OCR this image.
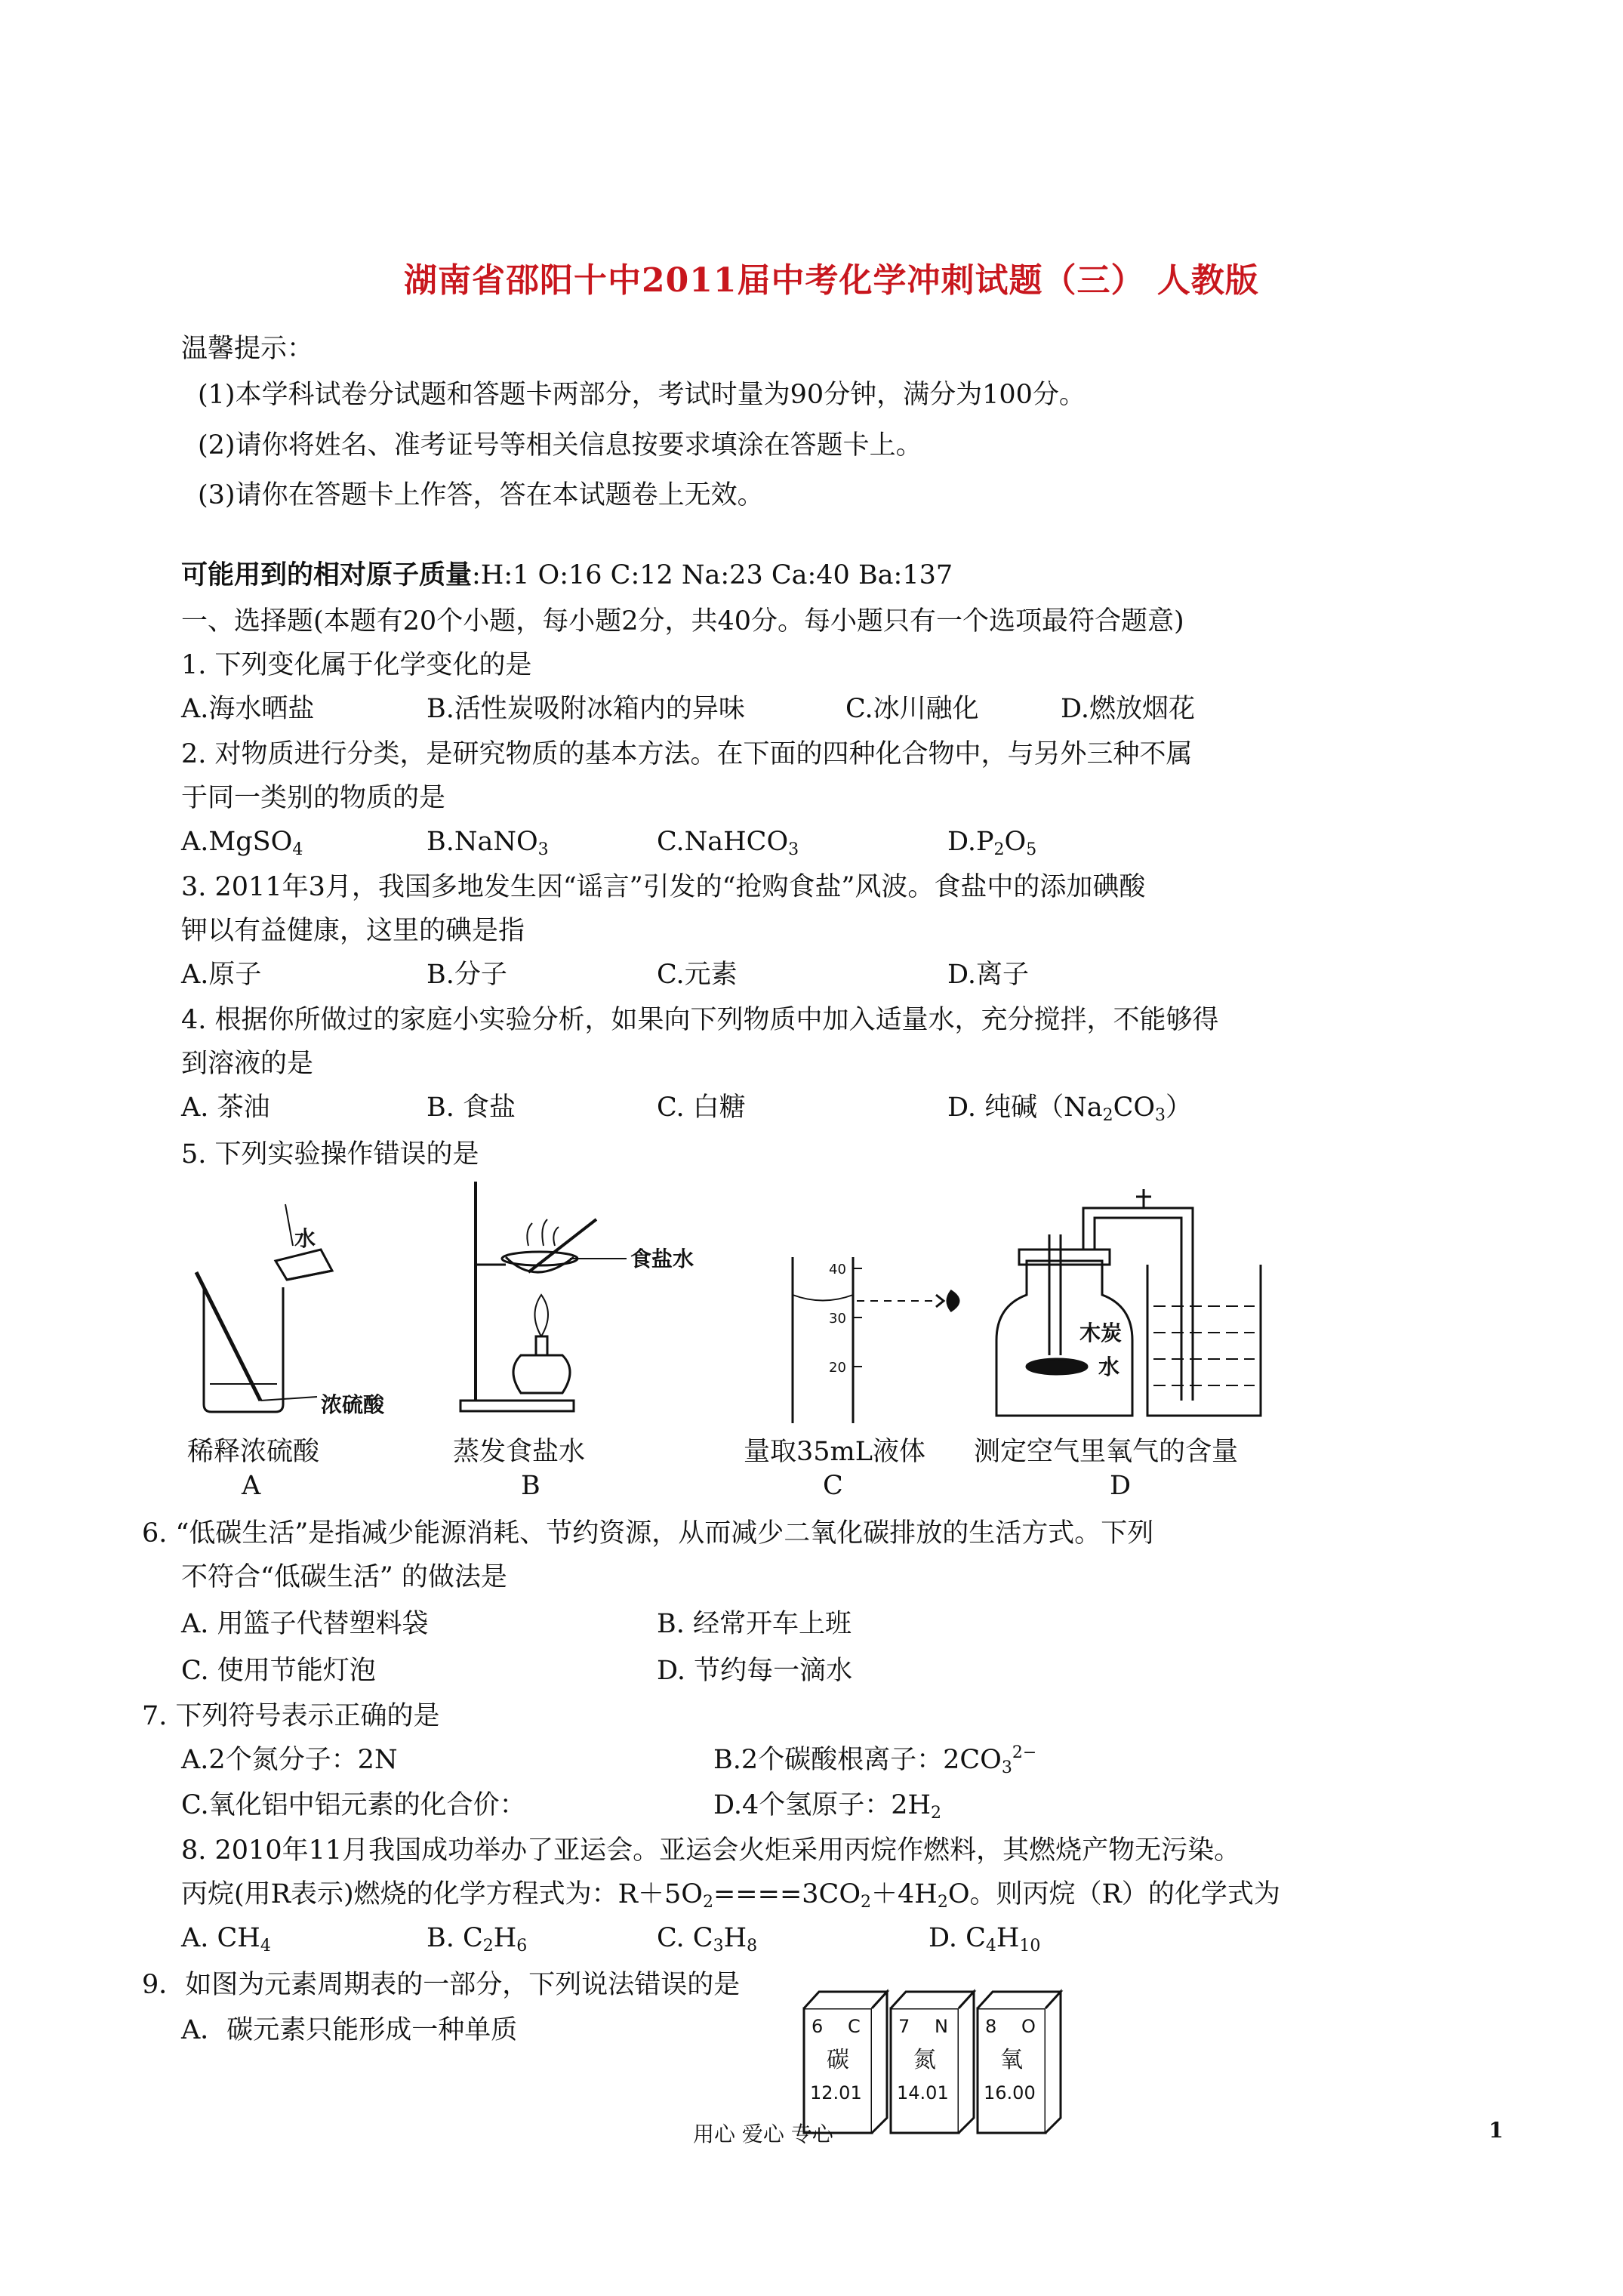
湖南省邵阳十中2011届中考化学冲刺试题（三） 人教版
温馨提示：
(1)本学科试卷分试题和答题卡两部分，考试时量为90分钟，满分为100分。
(2)请你将姓名、准考证号等相关信息按要求填涂在答题卡上。
(3)请你在答题卡上作答，答在本试题卷上无效。
可能用到的相对原子质量:H:1 O:16 C:12 Na:23 Ca:40 Ba:137
一、选择题(本题有20个小题，每小题2分，共40分。每小题只有一个选项最符合题意)
1. 下列变化属于化学变化的是
A.海水晒盐	B.活性炭吸附冰箱内的异味	C.冰川融化	D.燃放烟花
2. 对物质进行分类，是研究物质的基本方法。在下面的四种化合物中，与另外三种不属
于同一类别的物质的是
A.MgSO$_4$	B.NaNO$_3$	C.NaHCO$_3$	$D.P_2O_5$
3. 2011年3月，我国多地发生因“谣言”引发的“抢购食盐”风波。食盐中的添加碘酸
钾以有益健康，这里的碘是指
A.原子	B.分子	C.元素	D.离子
4. 根据你所做过的家庭小实验分析，如果向下列物质中加入适量水，充分搅拌，不能够得
到溶液的是
A. 茶油	B. 食盐	C. 白糖	D. 纯碱$(Na_2CO_3)$
5. 下列实验操作错误的是
水
浓硫酸
食盐水
木炭
水
40
30
20
稀释浓硫酸	蒸发食盐水	量取35mL液体 测定空气里氧气的含量
A	B	C	D
6. “低碳生活”是指减少能源消耗、节约资源，从而减少二氧化碳排放的生活方式。下列
不符合“低碳生活” 的做法是
A. 用篮子代替塑料袋	B. 经常开车上班
C. 使用节能灯泡	D. 节约每一滴水
7. 下列符号表示正确的是
A.2个氮分子：2N	B.2个碳酸根离子：$2CO_3^{2-}$
C.氧化铝中铝元素的化合价：	D.4个氢原子：$2H_2$
8. 2010年11月我国成功举办了亚运会。亚运会火炬采用丙烷作燃料，其燃烧产物无污染。
丙烷(用R表示)燃烧的化学方程式为：$R+5O_2====3CO_2+4H_2O$。则丙烷（R）的化学式为
A. $CH_4$	B. $C_2H_6$	C. $C_3H_8$	D. $C_4H_{10}$
9．如图为元素周期表的一部分，下列说法错误的是
A．碳元素只能形成一种单质	6 C
碳
12.01
7 N
氮
14.01
8 O
氧
16.00
用心 爱心 专心	1
